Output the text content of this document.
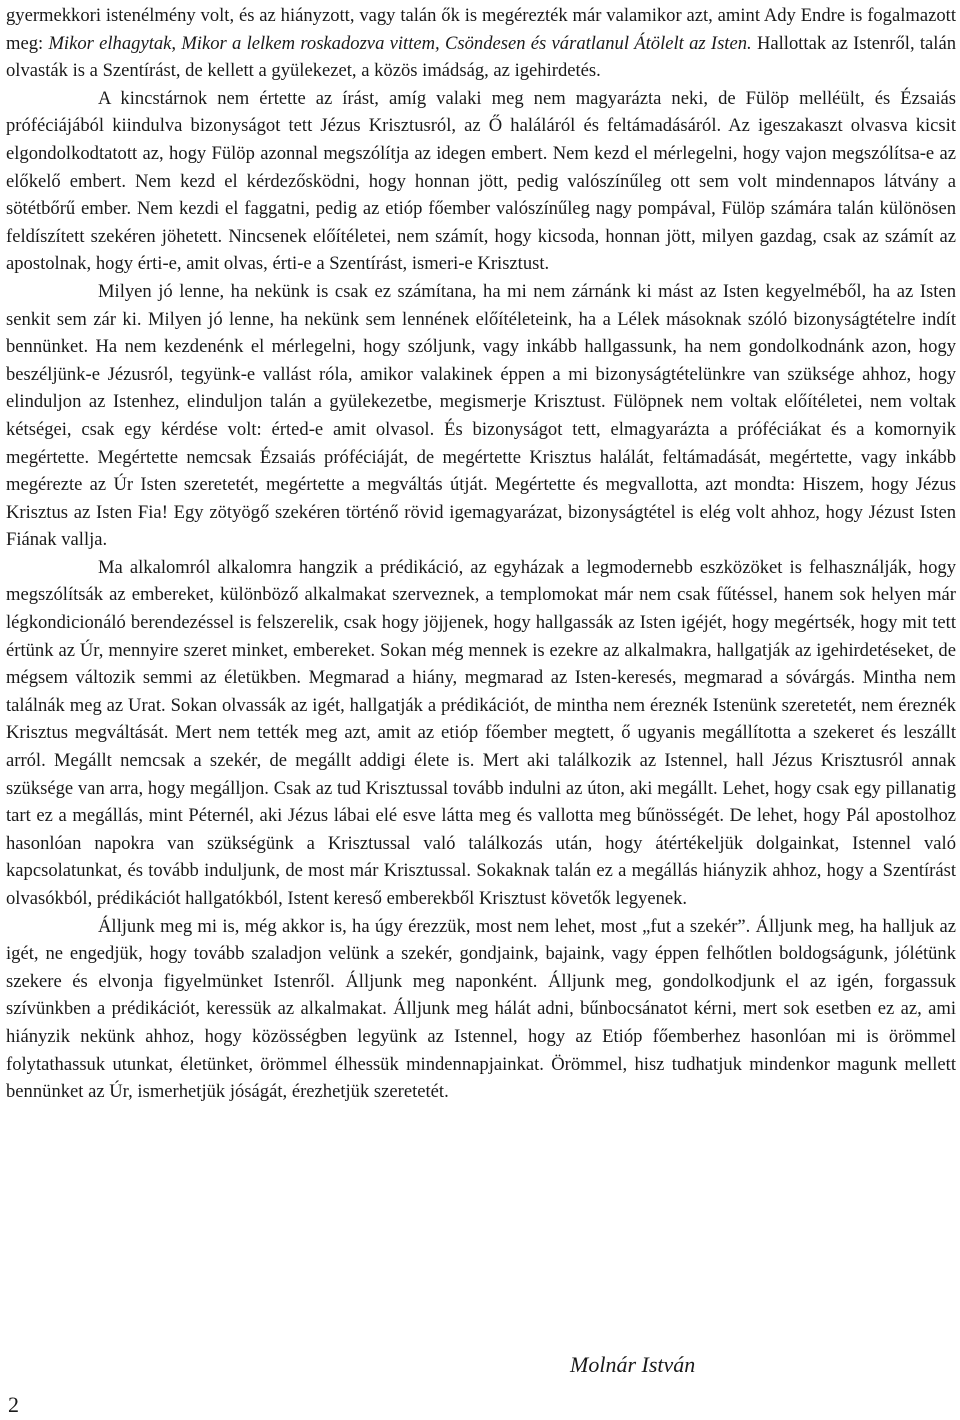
gyermekkori istenélmény volt, és az hiányzott, vagy talán ők is megérezték már valamikor azt, amint Ady Endre is fogalmazott meg: Mikor elhagytak, Mikor a lelkem roskadozva vittem, Csöndesen és váratlanul Átölelt az Isten. Hallottak az Istenről, talán olvasták is a Szentírást, de kellett a gyülekezet, a közös imádság, az igehirdetés.

A kincstárnok nem értette az írást, amíg valaki meg nem magyarázta neki, de Fülöp melléült, és Ézsaiás próféciájából kiindulva bizonyságot tett Jézus Krisztusról, az Ő haláláról és feltámadásáról. Az igeszakaszt olvasva kicsit elgondolkodtatott az, hogy Fülöp azonnal megszólítja az idegen embert. Nem kezd el mérlegelni, hogy vajon megszólítsa-e az előkelő embert. Nem kezd el kérdezősködni, hogy honnan jött, pedig valószínűleg ott sem volt mindennapos látvány a sötétbőrű ember. Nem kezdi el faggatni, pedig az etióp főember valószínűleg nagy pompával, Fülöp számára talán különösen feldíszített szekéren jöhetett. Nincsenek előítéletei, nem számít, hogy kicsoda, honnan jött, milyen gazdag, csak az számít az apostolnak, hogy érti-e, amit olvas, érti-e a Szentírást, ismeri-e Krisztust.

Milyen jó lenne, ha nekünk is csak ez számítana, ha mi nem zárnánk ki mást az Isten kegyelméből, ha az Isten senkit sem zár ki. Milyen jó lenne, ha nekünk sem lennének előítéleteink, ha a Lélek másoknak szóló bizonyságtételre indít bennünket. Ha nem kezdenénk el mérlegelni, hogy szóljunk, vagy inkább hallgassunk, ha nem gondolkodnánk azon, hogy beszéljünk-e Jézusról, tegyünk-e vallást róla, amikor valakinek éppen a mi bizonyságtételünkre van szüksége ahhoz, hogy elinduljon az Istenhez, elinduljon talán a gyülekezetbe, megismerje Krisztust. Fülöpnek nem voltak előítéletei, nem voltak kétségei, csak egy kérdése volt: érted-e amit olvasol. És bizonyságot tett, elmagyarázta a próféciákat és a komornyik megértette. Megértette nemcsak Ézsaiás próféciáját, de megértette Krisztus halálát, feltámadását, megértette, vagy inkább megérezte az Úr Isten szeretetét, megértette a megváltás útját. Megértette és megvallotta, azt mondta: Hiszem, hogy Jézus Krisztus az Isten Fia! Egy zötyögő szekéren történő rövid igemagyarázat, bizonyságtétel is elég volt ahhoz, hogy Jézust Isten Fiának vallja.

Ma alkalomról alkalomra hangzik a prédikáció, az egyházak a legmodernebb eszközöket is felhasználják, hogy megszólítsák az embereket, különböző alkalmakat szerveznek, a templomokat már nem csak fűtéssel, hanem sok helyen már légkondicionáló berendezéssel is felszerelik, csak hogy jöjjenek, hogy hallgassák az Isten igéjét, hogy megértsék, hogy mit tett értünk az Úr, mennyire szeret minket, embereket. Sokan még mennek is ezekre az alkalmakra, hallgatják az igehirdetéseket, de mégsem változik semmi az életükben. Megmarad a hiány, megmarad az Isten-keresés, megmarad a sóvárgás. Mintha nem találnák meg az Urat. Sokan olvassák az igét, hallgatják a prédikációt, de mintha nem éreznék Istenünk szeretetét, nem éreznék Krisztus megváltását. Mert nem tették meg azt, amit az etióp főember megtett, ő ugyanis megállította a szekeret és leszállt arról. Megállt nemcsak a szekér, de megállt addigi élete is. Mert aki találkozik az Istennel, hall Jézus Krisztusról annak szüksége van arra, hogy megálljon. Csak az tud Krisztussal tovább indulni az úton, aki megállt. Lehet, hogy csak egy pillanatig tart ez a megállás, mint Péternél, aki Jézus lábai elé esve látta meg és vallotta meg bűnösségét. De lehet, hogy Pál apostolhoz hasonlóan napokra van szükségünk a Krisztussal való találkozás után, hogy átértékeljük dolgainkat, Istennel való kapcsolatunkat, és tovább induljunk, de most már Krisztussal. Sokaknak talán ez a megállás hiányzik ahhoz, hogy a Szentírást olvasókból, prédikációt hallgatókból, Istent kereső emberekből Krisztust követők legyenek.

Álljunk meg mi is, még akkor is, ha úgy érezzük, most nem lehet, most „fut a szekér”. Álljunk meg, ha halljuk az igét, ne engedjük, hogy tovább szaladjon velünk a szekér, gondjaink, bajaink, vagy éppen felhőtlen boldogságunk, jólétünk szekere és elvonja figyelmünket Istenről. Álljunk meg naponként. Álljunk meg, gondolkodjunk el az igén, forgassuk szívünkben a prédikációt, keressük az alkalmakat. Álljunk meg hálát adni, bűnbocsánatot kérni, mert sok esetben ez az, ami hiányzik nekünk ahhoz, hogy közösségben legyünk az Istennel, hogy az Etióp főemberhez hasonlóan mi is örömmel folytathassuk utunkat, életünket, örömmel élhessük mindennapjainkat. Örömmel, hisz tudhatjuk mindenkor magunk mellett bennünket az Úr, ismerhetjük jóságát, érezhetjük szeretetét.

Molnár István
2
